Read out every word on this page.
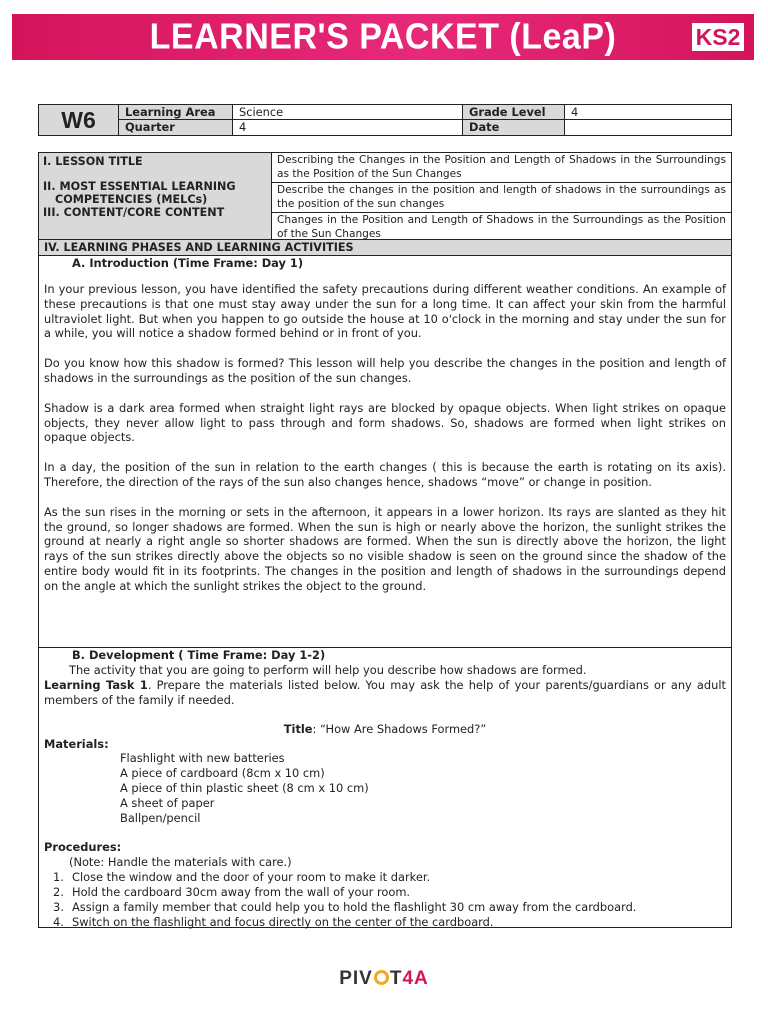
LEARNER'S PACKET (LeaP)	KS2
W6	Learning Area
Quarter
Science
4
Grade Level
Date
4

I. LESSON TITLE

II. MOST ESSENTIAL LEARNING
COMPETENCIES (MELCs)

III. CONTENT/CORE CONTENT

Describing the Changes in the Position and Length of Shadows in the Surroundings as the Position of the Sun Changes
Describe the changes in the position and length of shadows in the surroundings as the position of the sun changes
Changes in the Position and Length of Shadows in the Surroundings as the Position of the Sun Changes
IV. LEARNING PHASES AND LEARNING ACTIVITIES
A. Introduction (Time Frame: Day 1)

In your previous lesson, you have identified the safety precautions during different weather conditions. An example of these precautions is that one must stay away under the sun for a long time. It can affect your skin from the harmful ultraviolet light. But when you happen to go outside the house at 10 o'clock in the morning and stay under the sun for a while, you will notice a shadow formed behind or in front of you.

Do you know how this shadow is formed? This lesson will help you describe the changes in the position and length of shadows in the surroundings as the position of the sun changes.

Shadow is a dark area formed when straight light rays are blocked by opaque objects. When light strikes on opaque objects, they never allow light to pass through and form shadows. So, shadows are formed when light strikes on opaque objects.

In a day, the position of the sun in relation to the earth changes ( this is because the earth is rotating on its axis). Therefore, the direction of the rays of the sun also changes hence, shadows “move” or change in position.

As the sun rises in the morning or sets in the afternoon, it appears in a lower horizon. Its rays are slanted as they hit the ground, so longer shadows are formed. When the sun is high or nearly above the horizon, the sunlight strikes the ground at nearly a right angle so shorter shadows are formed. When the sun is directly above the horizon, the light rays of the sun strikes directly above the objects so no visible shadow is seen on the ground since the shadow of the entire body would fit in its footprints. The changes in the position and length of shadows in the surroundings depend on the angle at which the sunlight strikes the object to the ground.

B. Development ( Time Frame: Day 1-2)
The activity that you are going to perform will help you describe how shadows are formed.
Learning Task 1. Prepare the materials listed below. You may ask the help of your parents/guardians or any adult members of the family if needed.
Title: “How Are Shadows Formed?”
Materials:
Flashlight with new batteries
A piece of cardboard (8cm x 10 cm)
A piece of thin plastic sheet (8 cm x 10 cm)
A sheet of paper
Ballpen/pencil
Procedures:
(Note: Handle the materials with care.)
1. Close the window and the door of your room to make it darker.
2. Hold the cardboard 30cm away from the wall of your room.
3. Assign a family member that could help you to hold the flashlight 30 cm away from the cardboard.
4. Switch on the flashlight and focus directly on the center of the cardboard.
PIV T4A
